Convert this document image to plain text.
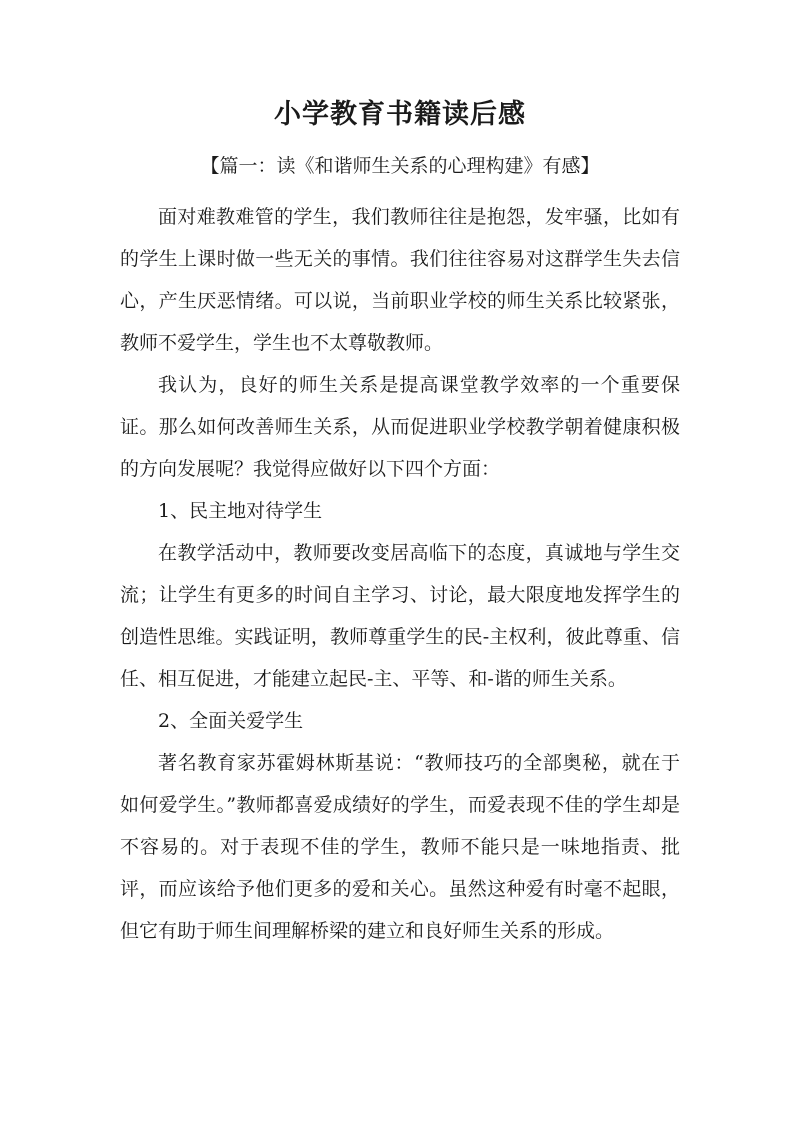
小学教育书籍读后感

【篇一：读《和谐师生关系的心理构建》有感】

面对难教难管的学生，我们教师往往是抱怨，发牢骚，比如有的学生上课时做一些无关的事情。我们往往容易对这群学生失去信心，产生厌恶情绪。可以说，当前职业学校的师生关系比较紧张，教师不爱学生，学生也不太尊敬教师。

我认为，良好的师生关系是提高课堂教学效率的一个重要保证。那么如何改善师生关系，从而促进职业学校教学朝着健康积极的方向发展呢？我觉得应做好以下四个方面：

1、民主地对待学生

在教学活动中，教师要改变居高临下的态度，真诚地与学生交流；让学生有更多的时间自主学习、讨论，最大限度地发挥学生的创造性思维。实践证明，教师尊重学生的民-主权利，彼此尊重、信任、相互促进，才能建立起民-主、平等、和-谐的师生关系。

2、全面关爱学生

著名教育家苏霍姆林斯基说：“教师技巧的全部奥秘，就在于如何爱学生。”教师都喜爱成绩好的学生，而爱表现不佳的学生却是不容易的。对于表现不佳的学生，教师不能只是一味地指责、批评，而应该给予他们更多的爱和关心。虽然这种爱有时毫不起眼，但它有助于师生间理解桥梁的建立和良好师生关系的形成。
